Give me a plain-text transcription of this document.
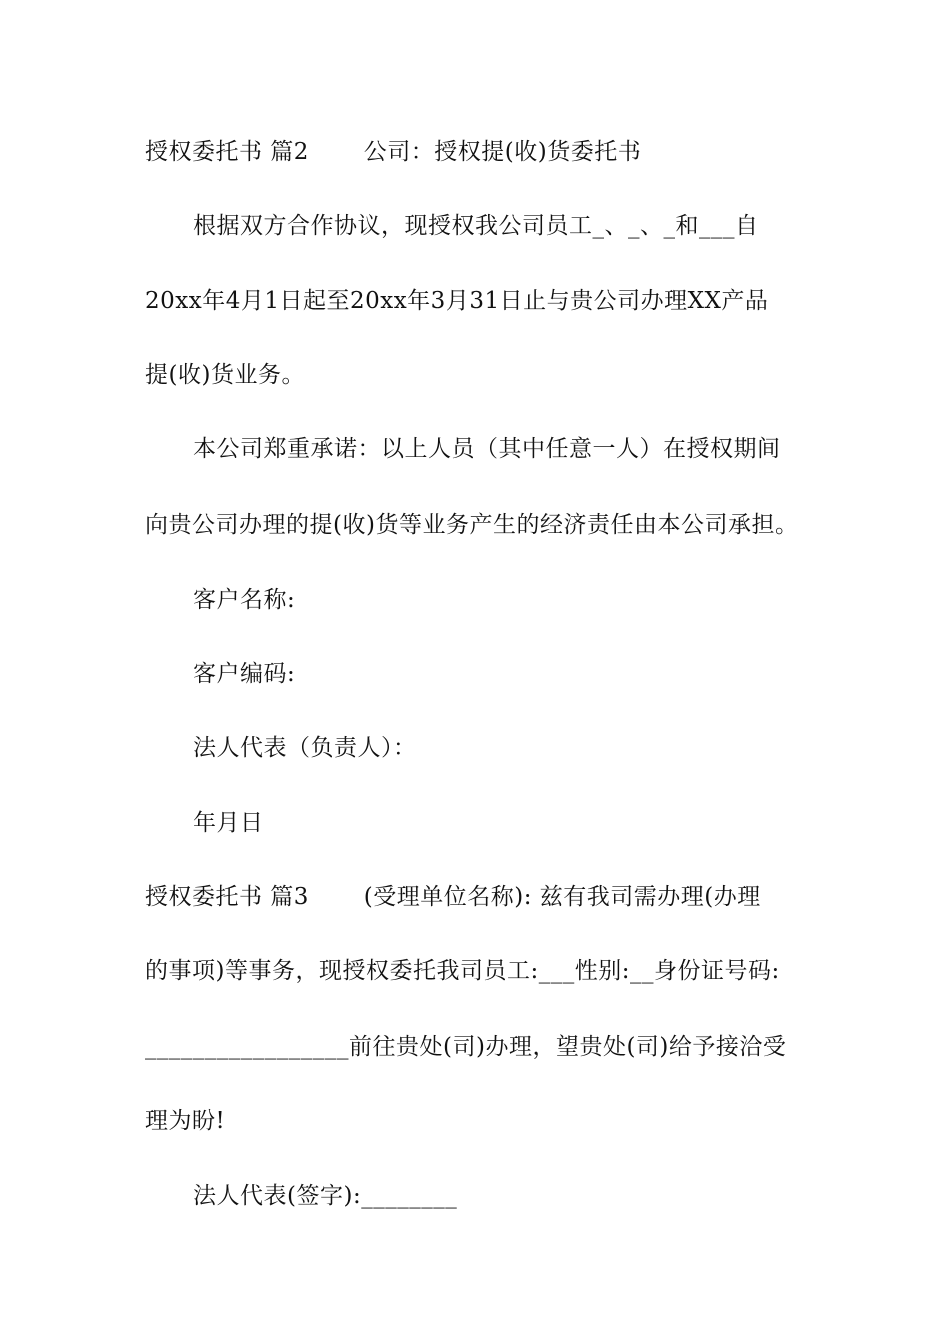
授权委托书 篇2　　 公司：授权提(收)货委托书
根据双方合作协议，现授权我公司员工_、_、_和___自
20xx年4月1日起至20xx年3月31日止与贵公司办理XX产品
提(收)货业务。
本公司郑重承诺：以上人员（其中任意一人）在授权期间
向贵公司办理的提(收)货等业务产生的经济责任由本公司承担。
客户名称:
客户编码:
法人代表（负责人）：
年月日
授权委托书 篇3　　 (受理单位名称): 兹有我司需办理(办理
的事项)等事务，现授权委托我司员工:___性别:__身份证号码:
_________________前往贵处(司)办理，望贵处(司)给予接洽受
理为盼!
法人代表(签字):________
